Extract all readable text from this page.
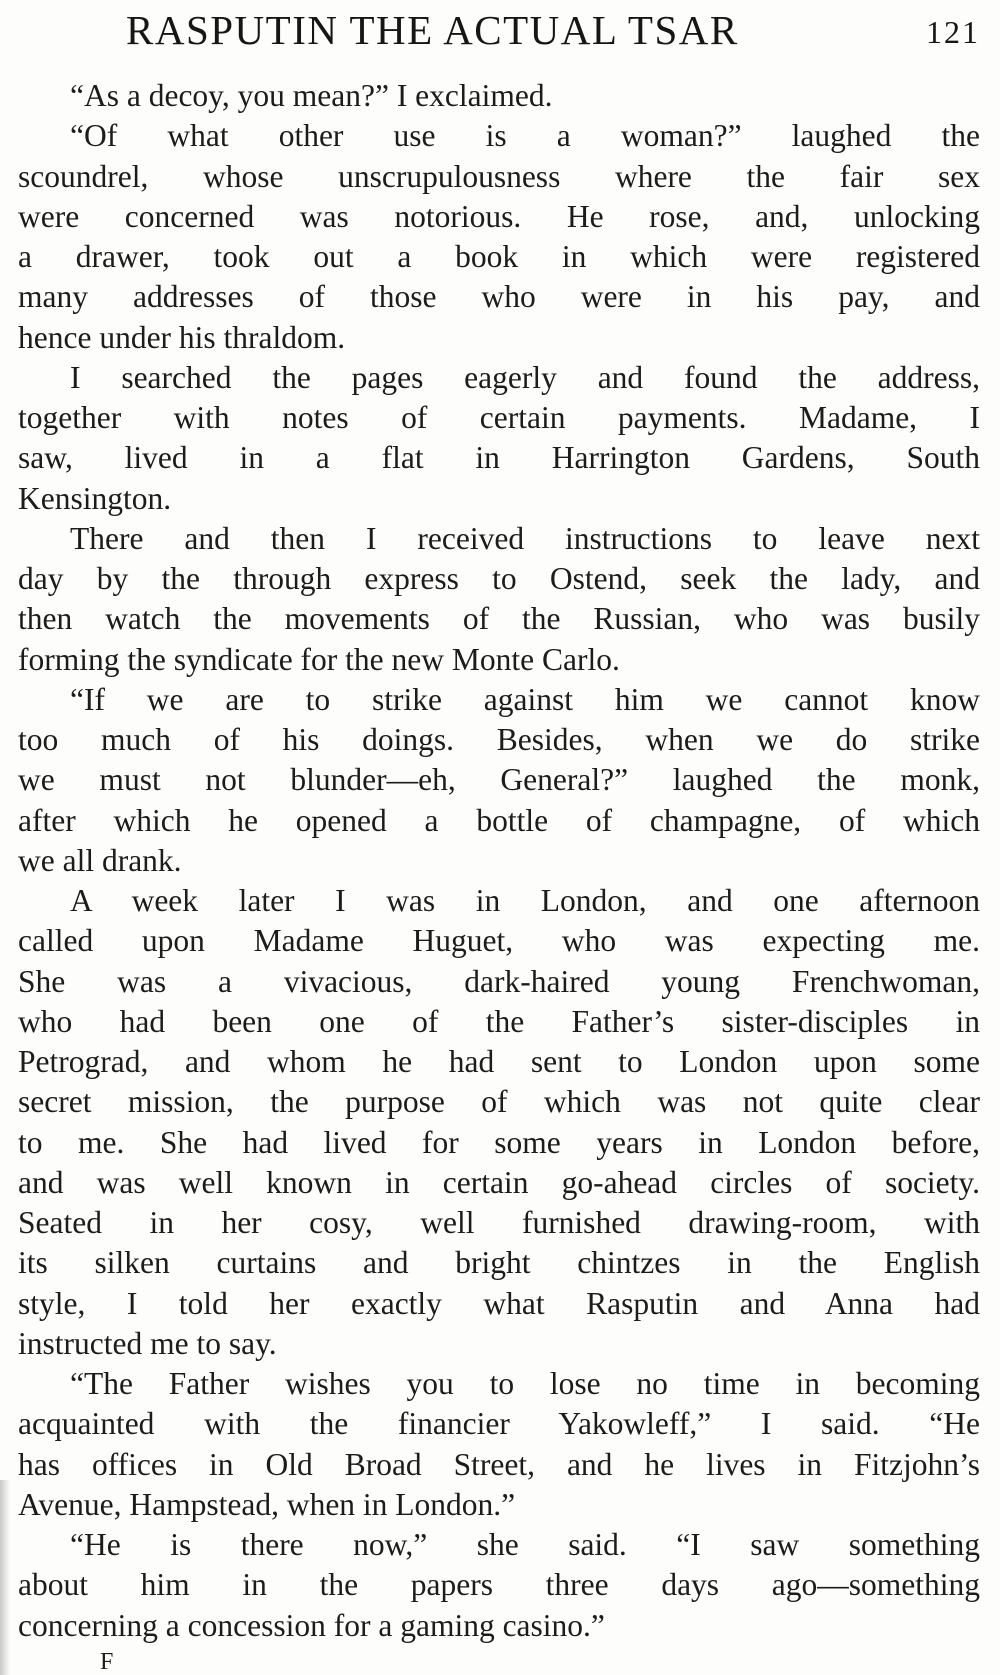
RASPUTIN THE ACTUAL TSAR	121
“As a decoy, you mean?” I exclaimed.
“Of what other use is a woman?” laughed the
scoundrel, whose unscrupulousness where the fair sex
were concerned was notorious. He rose, and, unlocking
a drawer, took out a book in which were registered
many addresses of those who were in his pay, and
hence under his thraldom.
I searched the pages eagerly and found the address,
together with notes of certain payments. Madame, I
saw, lived in a flat in Harrington Gardens, South
Kensington.
There and then I received instructions to leave next
day by the through express to Ostend, seek the lady, and
then watch the movements of the Russian, who was busily
forming the syndicate for the new Monte Carlo.
“If we are to strike against him we cannot know
too much of his doings. Besides, when we do strike
we must not blunder—eh, General?” laughed the monk,
after which he opened a bottle of champagne, of which
we all drank.
A week later I was in London, and one afternoon
called upon Madame Huguet, who was expecting me.
She was a vivacious, dark-haired young Frenchwoman,
who had been one of the Father’s sister-disciples in
Petrograd, and whom he had sent to London upon some
secret mission, the purpose of which was not quite clear
to me. She had lived for some years in London before,
and was well known in certain go-ahead circles of society.
Seated in her cosy, well furnished drawing-room, with
its silken curtains and bright chintzes in the English
style, I told her exactly what Rasputin and Anna had
instructed me to say.
“The Father wishes you to lose no time in becoming
acquainted with the financier Yakowleff,” I said. “He
has offices in Old Broad Street, and he lives in Fitzjohn’s
Avenue, Hampstead, when in London.”
“He is there now,” she said. “I saw something
about him in the papers three days ago—something
concerning a concession for a gaming casino.”
F
